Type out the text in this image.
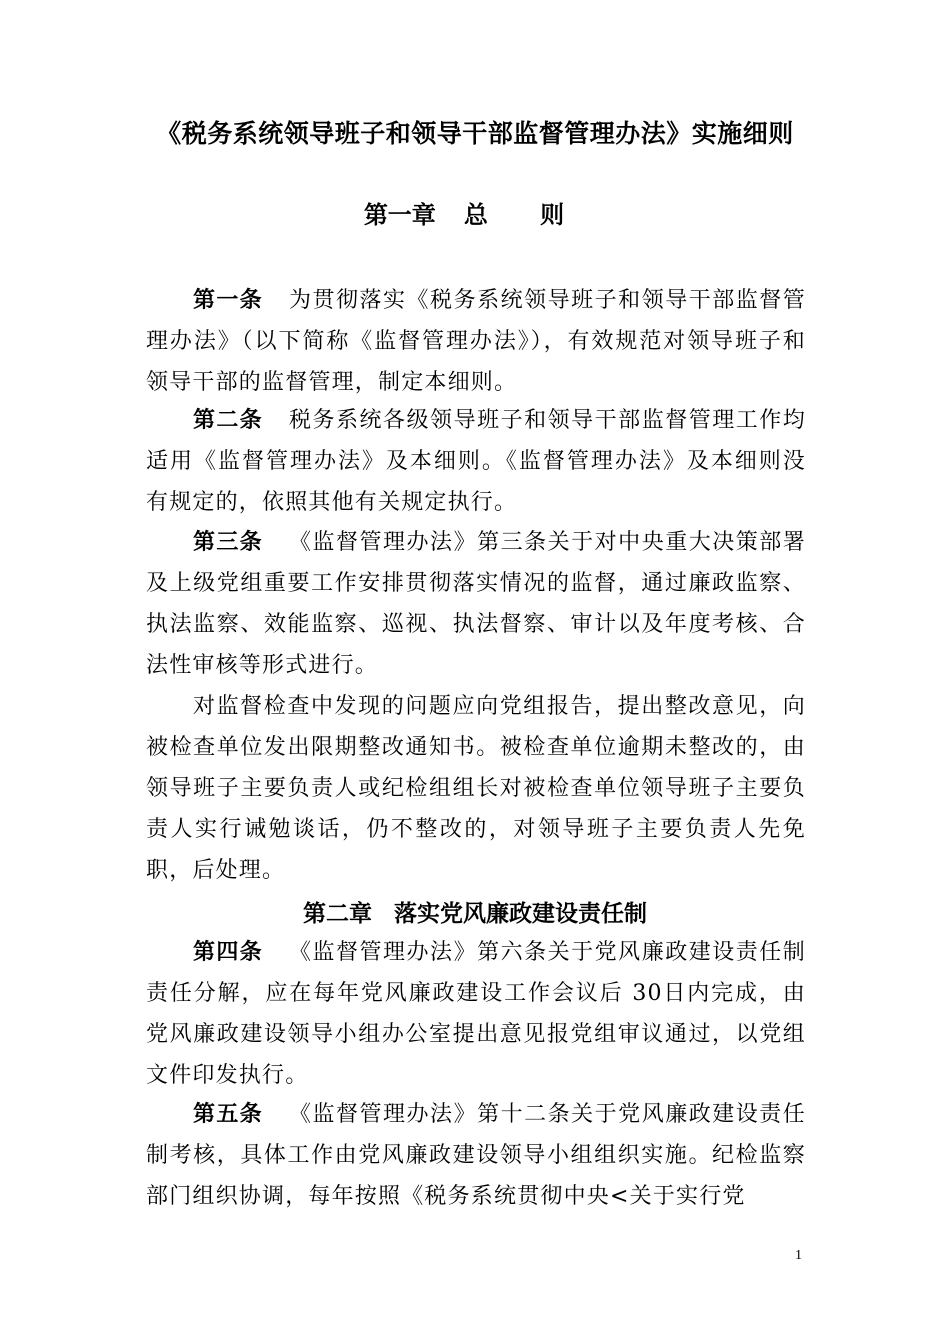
《税务系统领导班子和领导干部监督管理办法》实施细则
第一章 总 则

第一条 为贯彻落实《税务系统领导班子和领导干部监督管理办法》（以下简称《监督管理办法》），有效规范对领导班子和领导干部的监督管理，制定本细则。

第二条 税务系统各级领导班子和领导干部监督管理工作均适用《监督管理办法》及本细则。《监督管理办法》及本细则没有规定的，依照其他有关规定执行。

第三条 《监督管理办法》第三条关于对中央重大决策部署及上级党组重要工作安排贯彻落实情况的监督，通过廉政监察、执法监察、效能监察、巡视、执法督察、审计以及年度考核、合法性审核等形式进行。

对监督检查中发现的问题应向党组报告，提出整改意见，向被检查单位发出限期整改通知书。被检查单位逾期未整改的，由领导班子主要负责人或纪检组组长对被检查单位领导班子主要负责人实行诫勉谈话，仍不整改的，对领导班子主要负责人先免职，后处理。

第二章 落实党风廉政建设责任制

第四条 《监督管理办法》第六条关于党风廉政建设责任制责任分解，应在每年党风廉政建设工作会议后 30日内完成，由党风廉政建设领导小组办公室提出意见报党组审议通过，以党组文件印发执行。

第五条 《监督管理办法》第十二条关于党风廉政建设责任制考核，具体工作由党风廉政建设领导小组组织实施。纪检监察部门组织协调，每年按照《税务系统贯彻中央<关于实行党

1
